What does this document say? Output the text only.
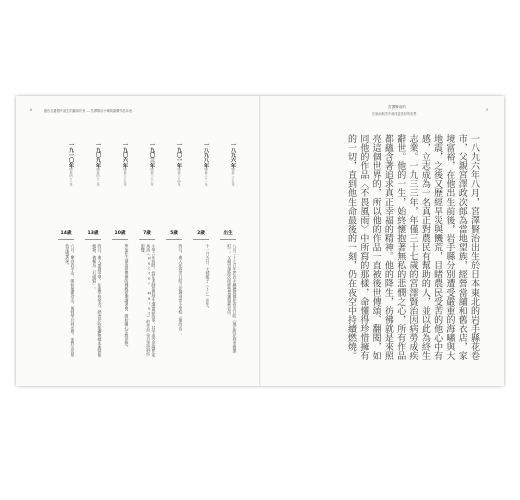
銀色在憂悶中誕生的繼承作家 — 宮澤賢治小傳與臺灣作品年表
8
宮澤賢治的
在風雨與雪中尋找更美好的世界
9
一八九六年明治二十九年
出生
八月二十七日生於岩手縣稗貫郡花卷川口町（現在的花卷市豐澤町）。父親宮澤政次郎經營當鋪與舊衣店。
一八九八年明治三十一年
2歲
十一月五日，大妹敏子（トシ）出生。
一九〇一年明治三十四年
5歲
四月，進入花卷川口町立花城尋常小學校（後改名）。
一九〇三年明治三十六年
7歲
小學二年級時，級任老師常對學生講童話故事，其中深受法國作家馬洛（Hector Malot）的作品《苦兒流浪記》影響。
一九〇六年明治三十九年
10歲
參加在大澤溫泉舉辦的佛教夏期講習會，開始關心宗教思想。
一九〇九年明治四十二年
13歲
四月，進入盛岡中學，住進學校宿舍。熱衷於收集礦物標本與採集植物，被稱為「石頭賢」。
一九一〇年明治四十三年
14歲
六月，攀登岩手山，開始頻繁登山。與同學共同出遊，並對山岳景色深感著迷。	一八九六年八月，宮澤賢治出生於日本東北的岩手縣花卷市，父親宮澤政次郎為當地望族，經營當舖和舊衣店，家境富裕，在他出生前後，岩手縣分別遭受嚴重的海嘯與大地震，之後又歷經旱災與饑荒，目睹農民受苦的他心中有感，立志成為一名真正對農民有幫助的人，並以此為終生志業。一九三三年，年僅三十七歲的宮澤賢治因病勞成疾辭世。他的一生，始終懷抱著無私的悲憫之心，所有作品都蘊含著追求真正幸福的精神。他的降生，彷彿就是來照亮這個世界的，所以他的作品一直被後世傳頌、翻閱，如同他的作品〈不畏風雨〉中所寫的那樣，命懂得珍惜擁有的一切，直到他生命最後的一刻，仍在夜空中持續燃燒。
